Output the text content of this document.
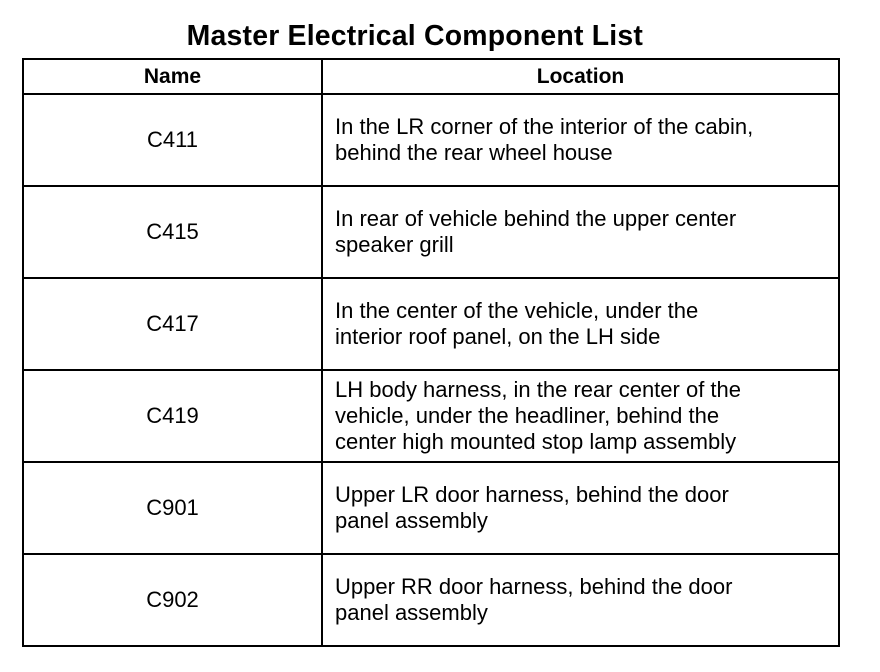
Master Electrical Component List
Name	Location
C411	In the LR corner of the interior of the cabin,
behind the rear wheel house

C415	In rear of vehicle behind the upper center
speaker grill

C417	In the center of the vehicle, under the
interior roof panel, on the LH side

C419	LH body harness, in the rear center of the
vehicle, under the headliner, behind the
center high mounted stop lamp assembly

C901	Upper LR door harness, behind the door
panel assembly

C902	Upper RR door harness, behind the door
panel assembly
